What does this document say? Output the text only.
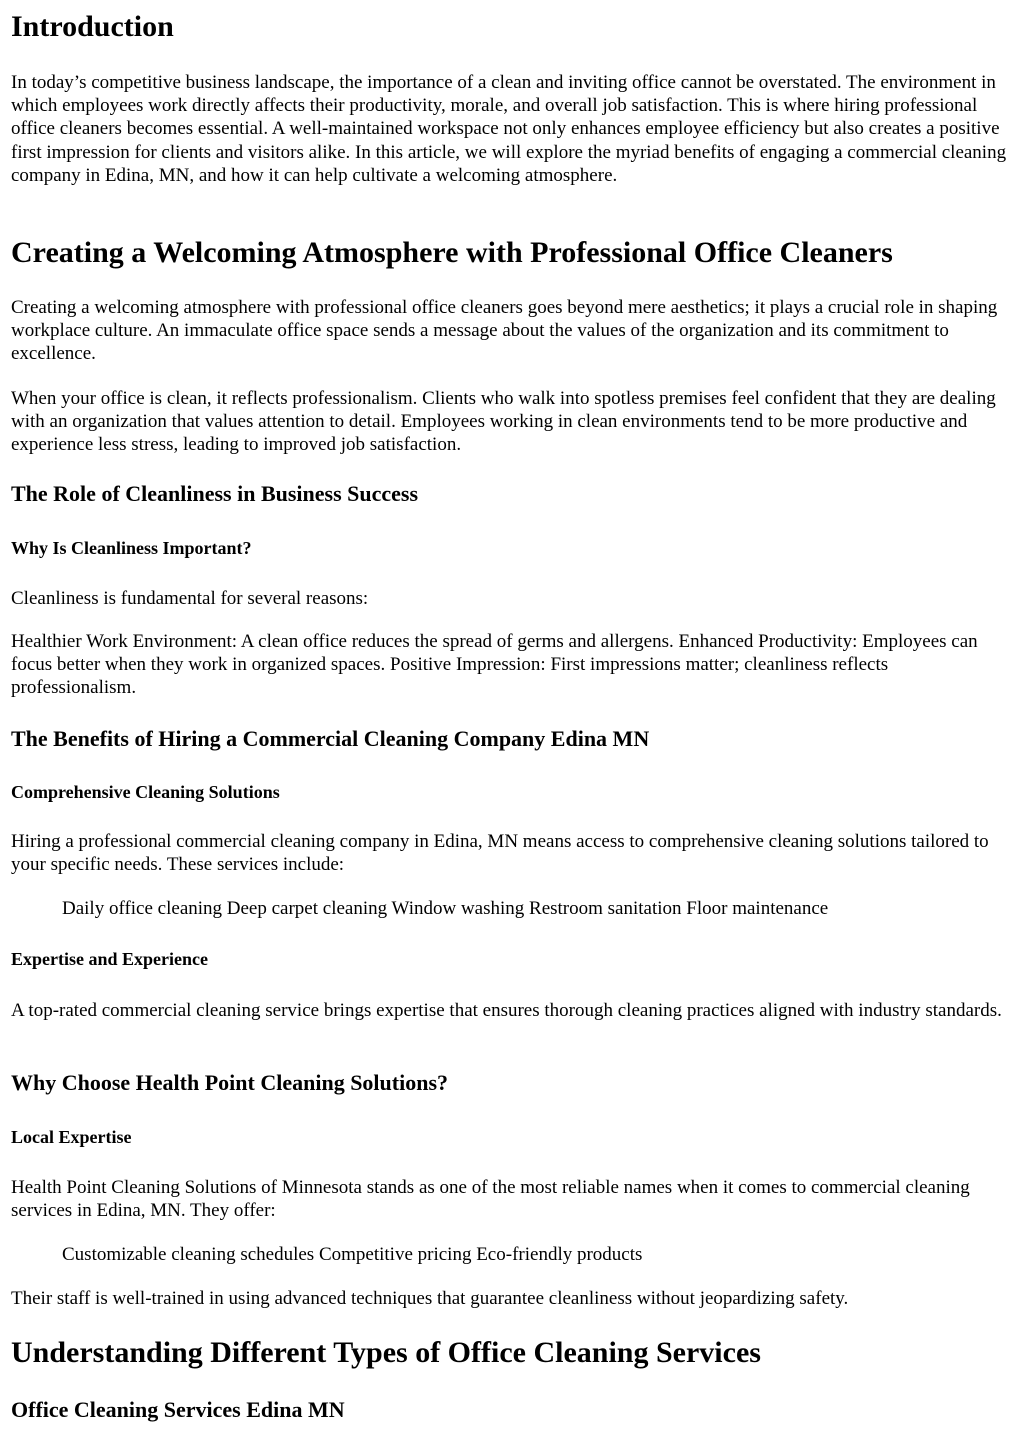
Introduction

In today’s competitive business landscape, the importance of a clean and inviting office cannot be overstated. The environment in which employees work directly affects their productivity, morale, and overall job satisfaction. This is where hiring professional office cleaners becomes essential. A well-maintained workspace not only enhances employee efficiency but also creates a positive first impression for clients and visitors alike. In this article, we will explore the myriad benefits of engaging a commercial cleaning company in Edina, MN, and how it can help cultivate a welcoming atmosphere.

Creating a Welcoming Atmosphere with Professional Office Cleaners

Creating a welcoming atmosphere with professional office cleaners goes beyond mere aesthetics; it plays a crucial role in shaping workplace culture. An immaculate office space sends a message about the values of the organization and its commitment to excellence.

When your office is clean, it reflects professionalism. Clients who walk into spotless premises feel confident that they are dealing with an organization that values attention to detail. Employees working in clean environments tend to be more productive and experience less stress, leading to improved job satisfaction.

The Role of Cleanliness in Business Success
Why Is Cleanliness Important?

Cleanliness is fundamental for several reasons:

Healthier Work Environment: A clean office reduces the spread of germs and allergens. Enhanced Productivity: Employees can focus better when they work in organized spaces. Positive Impression: First impressions matter; cleanliness reflects professionalism.

The Benefits of Hiring a Commercial Cleaning Company Edina MN
Comprehensive Cleaning Solutions

Hiring a professional commercial cleaning company in Edina, MN means access to comprehensive cleaning solutions tailored to your specific needs. These services include:

Daily office cleaning Deep carpet cleaning Window washing Restroom sanitation Floor maintenance

Expertise and Experience

A top-rated commercial cleaning service brings expertise that ensures thorough cleaning practices aligned with industry standards.

Why Choose Health Point Cleaning Solutions?
Local Expertise

Health Point Cleaning Solutions of Minnesota stands as one of the most reliable names when it comes to commercial cleaning services in Edina, MN. They offer:

Customizable cleaning schedules Competitive pricing Eco-friendly products

Their staff is well-trained in using advanced techniques that guarantee cleanliness without jeopardizing safety.

Understanding Different Types of Office Cleaning Services
Office Cleaning Services Edina MN
